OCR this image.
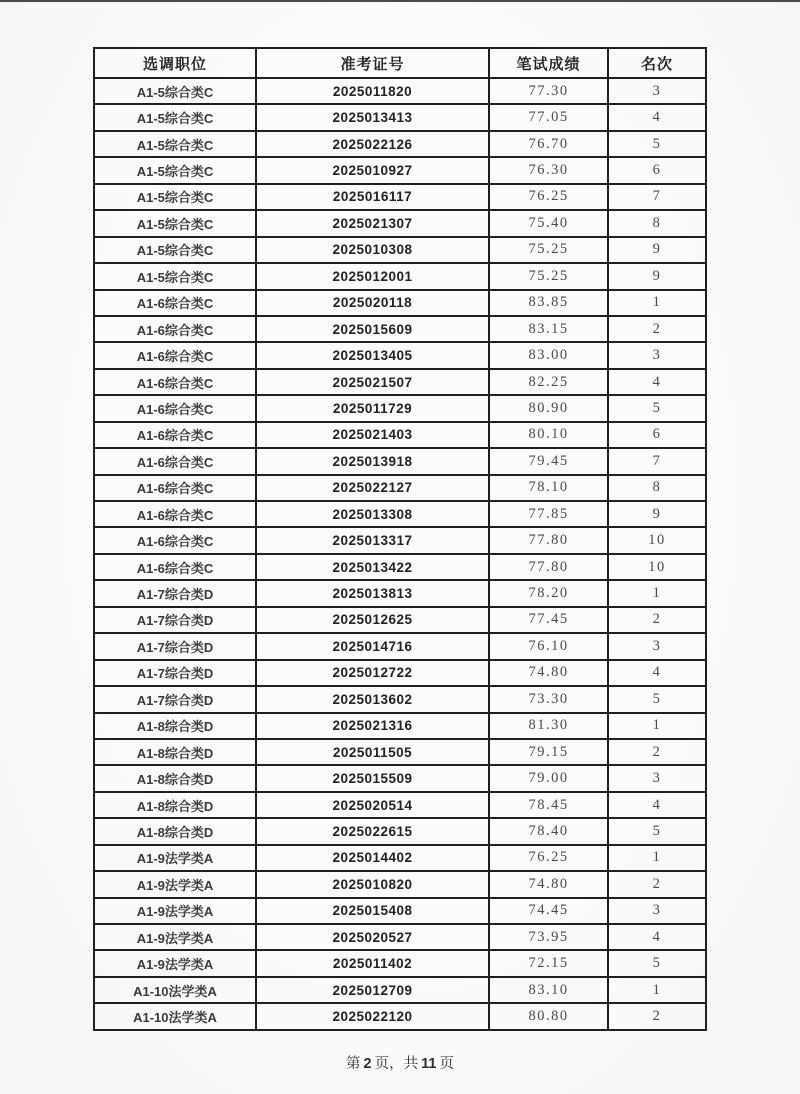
选调职位	准考证号	笔试成绩	名次
A1-5综合类C	2025011820	77.30	3
A1-5综合类C	2025013413	77.05	4
A1-5综合类C	2025022126	76.70	5
A1-5综合类C	2025010927	76.30	6
A1-5综合类C	2025016117	76.25	7
A1-5综合类C	2025021307	75.40	8
A1-5综合类C	2025010308	75.25	9
A1-5综合类C	2025012001	75.25	9
A1-6综合类C	2025020118	83.85	1
A1-6综合类C	2025015609	83.15	2
A1-6综合类C	2025013405	83.00	3
A1-6综合类C	2025021507	82.25	4
A1-6综合类C	2025011729	80.90	5
A1-6综合类C	2025021403	80.10	6
A1-6综合类C	2025013918	79.45	7
A1-6综合类C	2025022127	78.10	8
A1-6综合类C	2025013308	77.85	9
A1-6综合类C	2025013317	77.80	10
A1-6综合类C	2025013422	77.80	10
A1-7综合类D	2025013813	78.20	1
A1-7综合类D	2025012625	77.45	2
A1-7综合类D	2025014716	76.10	3
A1-7综合类D	2025012722	74.80	4
A1-7综合类D	2025013602	73.30	5
A1-8综合类D	2025021316	81.30	1
A1-8综合类D	2025011505	79.15	2
A1-8综合类D	2025015509	79.00	3
A1-8综合类D	2025020514	78.45	4
A1-8综合类D	2025022615	78.40	5
A1-9法学类A	2025014402	76.25	1
A1-9法学类A	2025010820	74.80	2
A1-9法学类A	2025015408	74.45	3
A1-9法学类A	2025020527	73.95	4
A1-9法学类A	2025011402	72.15	5
A1-10法学类A	2025012709	83.10	1
A1-10法学类A	2025022120	80.80	2
第 2 页，共 11 页
